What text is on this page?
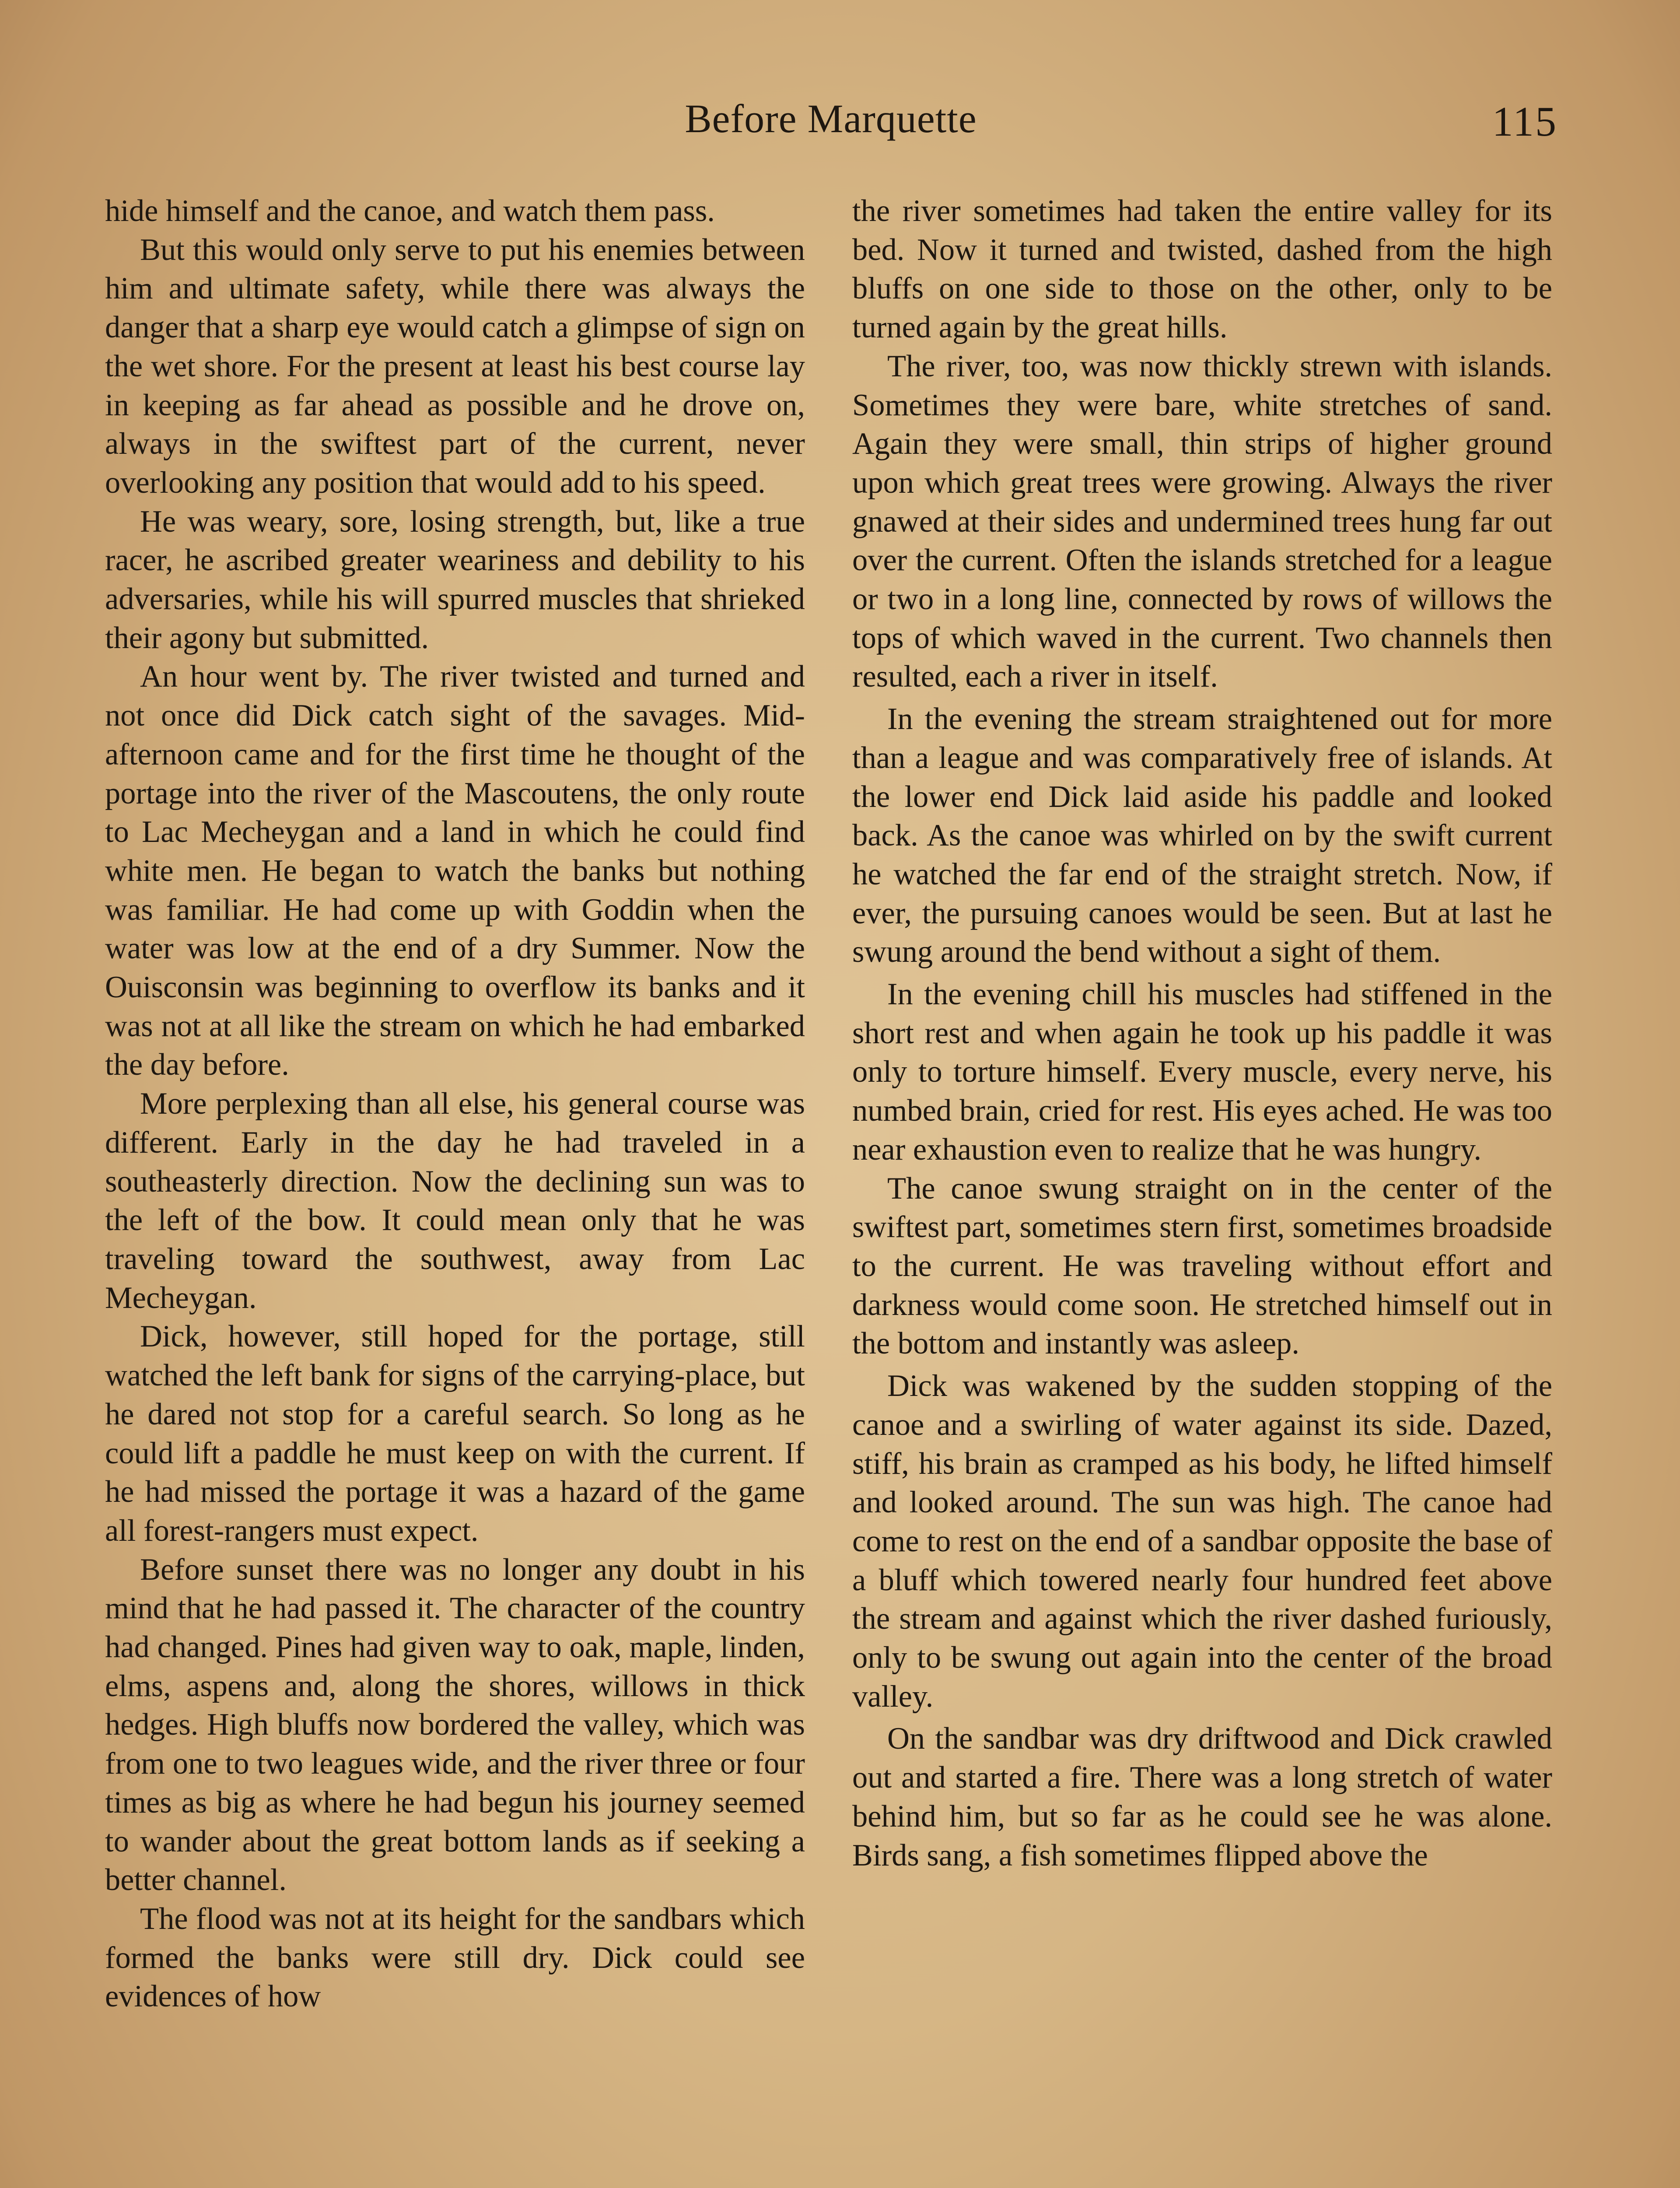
Before Marquette	115

hide himself and the canoe, and watch them pass.

But this would only serve to put his enemies between him and ultimate safety, while there was always the danger that a sharp eye would catch a glimpse of sign on the wet shore. For the present at least his best course lay in keeping as far ahead as possible and he drove on, always in the swiftest part of the current, never overlooking any position that would add to his speed.

He was weary, sore, losing strength, but, like a true racer, he ascribed greater weariness and debility to his adversaries, while his will spurred muscles that shrieked their agony but submitted.

An hour went by. The river twisted and turned and not once did Dick catch sight of the savages. Mid-afternoon came and for the first time he thought of the portage into the river of the Mascoutens, the only route to Lac Mecheygan and a land in which he could find white men. He began to watch the banks but nothing was familiar. He had come up with Goddin when the water was low at the end of a dry Summer. Now the Ouisconsin was beginning to overflow its banks and it was not at all like the stream on which he had embarked the day before.

More perplexing than all else, his general course was different. Early in the day he had traveled in a southeasterly direction. Now the declining sun was to the left of the bow. It could mean only that he was traveling toward the southwest, away from Lac Mecheygan.

Dick, however, still hoped for the portage, still watched the left bank for signs of the carrying-place, but he dared not stop for a careful search. So long as he could lift a paddle he must keep on with the current. If he had missed the portage it was a hazard of the game all forest-rangers must expect.

Before sunset there was no longer any doubt in his mind that he had passed it. The character of the country had changed. Pines had given way to oak, maple, linden, elms, aspens and, along the shores, willows in thick hedges. High bluffs now bordered the valley, which was from one to two leagues wide, and the river three or four times as big as where he had begun his journey seemed to wander about the great bottom lands as if seeking a better channel.

The flood was not at its height for the sandbars which formed the banks were still dry. Dick could see evidences of how

the river sometimes had taken the entire valley for its bed. Now it turned and twisted, dashed from the high bluffs on one side to those on the other, only to be turned again by the great hills.

The river, too, was now thickly strewn with islands. Sometimes they were bare, white stretches of sand. Again they were small, thin strips of higher ground upon which great trees were growing. Always the river gnawed at their sides and undermined trees hung far out over the current. Often the islands stretched for a league or two in a long line, connected by rows of willows the tops of which waved in the current. Two channels then resulted, each a river in itself.

In the evening the stream straightened out for more than a league and was comparatively free of islands. At the lower end Dick laid aside his paddle and looked back. As the canoe was whirled on by the swift current he watched the far end of the straight stretch. Now, if ever, the pursuing canoes would be seen. But at last he swung around the bend without a sight of them.

In the evening chill his muscles had stiffened in the short rest and when again he took up his paddle it was only to torture himself. Every muscle, every nerve, his numbed brain, cried for rest. His eyes ached. He was too near exhaustion even to realize that he was hungry.

The canoe swung straight on in the center of the swiftest part, sometimes stern first, sometimes broadside to the current. He was traveling without effort and darkness would come soon. He stretched himself out in the bottom and instantly was asleep.

Dick was wakened by the sudden stopping of the canoe and a swirling of water against its side. Dazed, stiff, his brain as cramped as his body, he lifted himself and looked around. The sun was high. The canoe had come to rest on the end of a sandbar opposite the base of a bluff which towered nearly four hundred feet above the stream and against which the river dashed furiously, only to be swung out again into the center of the broad valley.

On the sandbar was dry driftwood and Dick crawled out and started a fire. There was a long stretch of water behind him, but so far as he could see he was alone. Birds sang, a fish sometimes flipped above the
